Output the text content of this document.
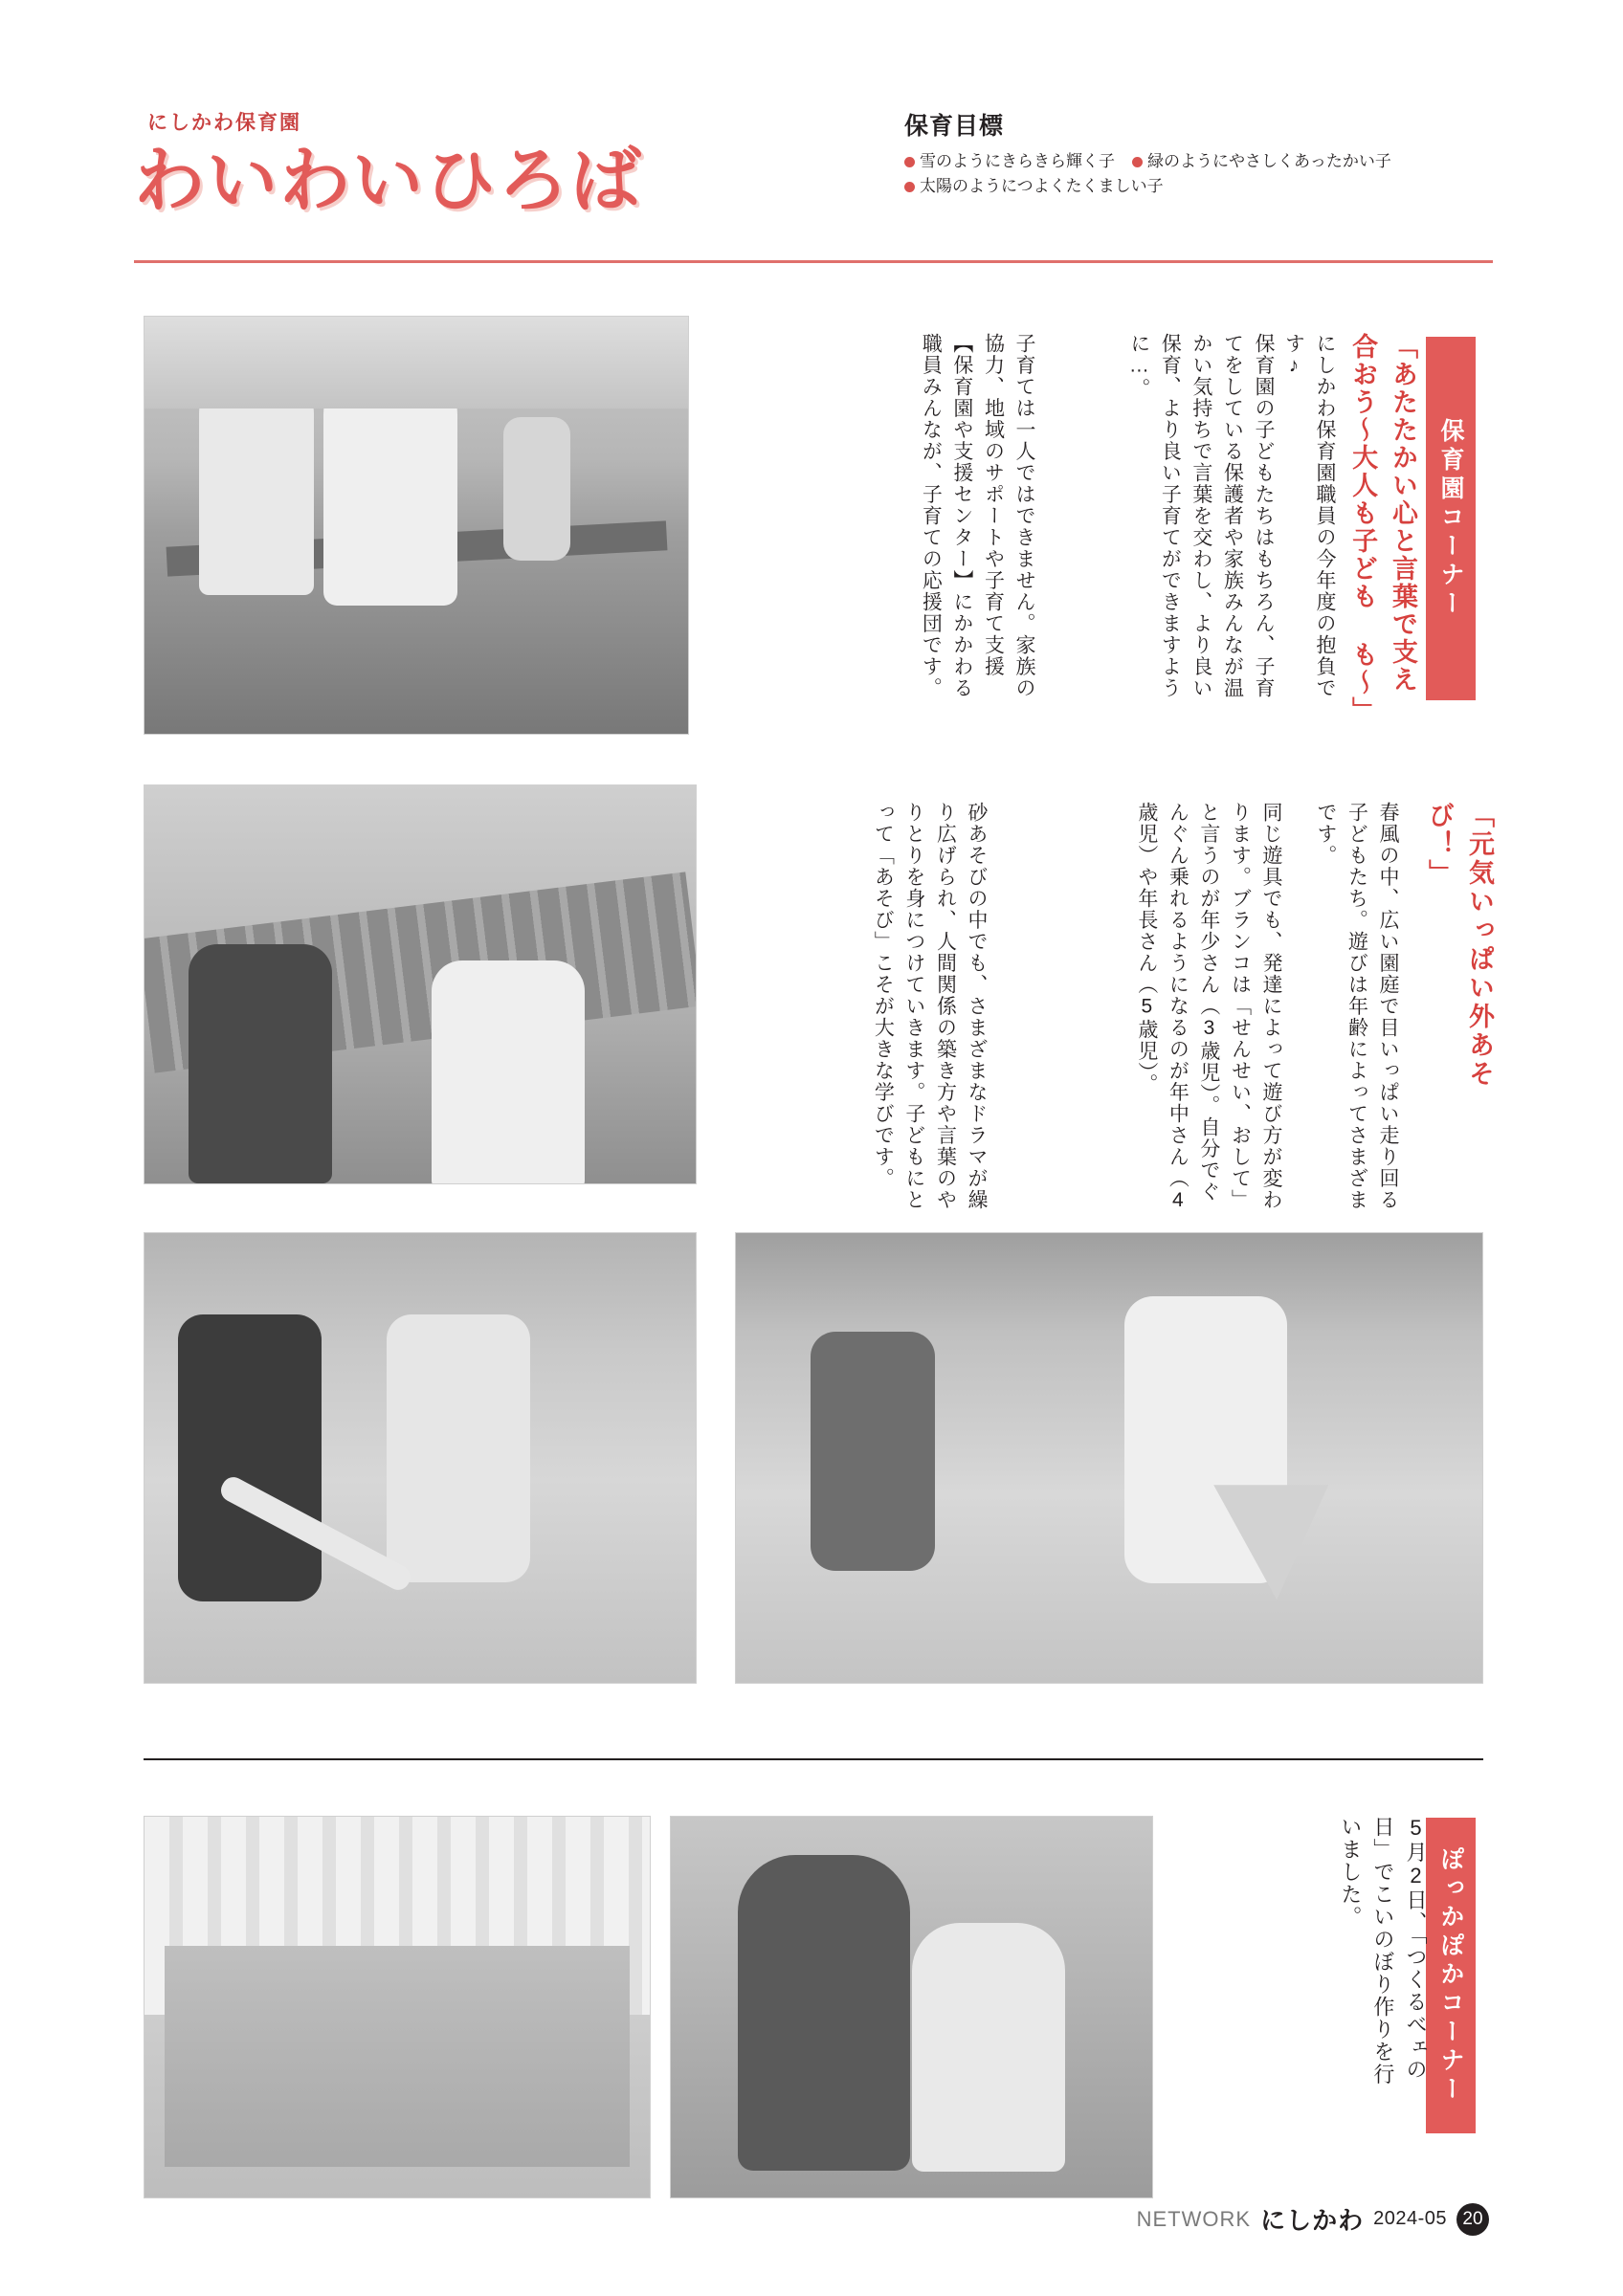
にしかわ保育園
わいわいひろば
保育目標
雪のようにきらきら輝く子 緑のようにやさしくあったかい子
太陽のようにつよくたくましい子
保育園コーナー
「あたたかい心と言葉で支え合おう～大人も子ども も～」
にしかわ保育園職員の今年度の抱負です♪
保育園の子どもたちはもちろん、子育てをしている保護者や家族みんなが温かい気持ちで言葉を交わし、より良い保育、より良い子育てができますように…。
子育ては一人ではできません。家族の協力、地域のサポートや子育て支援【保育園や支援センター】にかかわる職員みんなが、子育ての応援団です。
「元気いっぱい外あそび！」
春風の中、広い園庭で目いっぱい走り回る子どもたち。遊びは年齢によってさまざまです。
同じ遊具でも、発達によって遊び方が変わります。ブランコは「せんせい、おして」と言うのが年少さん（3歳児）。自分でぐんぐん乗れるようになるのが年中さん（4歳児）や年長さん（5歳児）。
砂あそびの中でも、さまざまなドラマが繰り広げられ、人間関係の築き方や言葉のやりとりを身につけていきます。子どもにとって「あそび」こそが大きな学びです。
ぽっかぽかコーナー
5月2日、「つくるべェの日」でこいのぼり作りを行いました。
NETWORK にしかわ 2024-05 20
